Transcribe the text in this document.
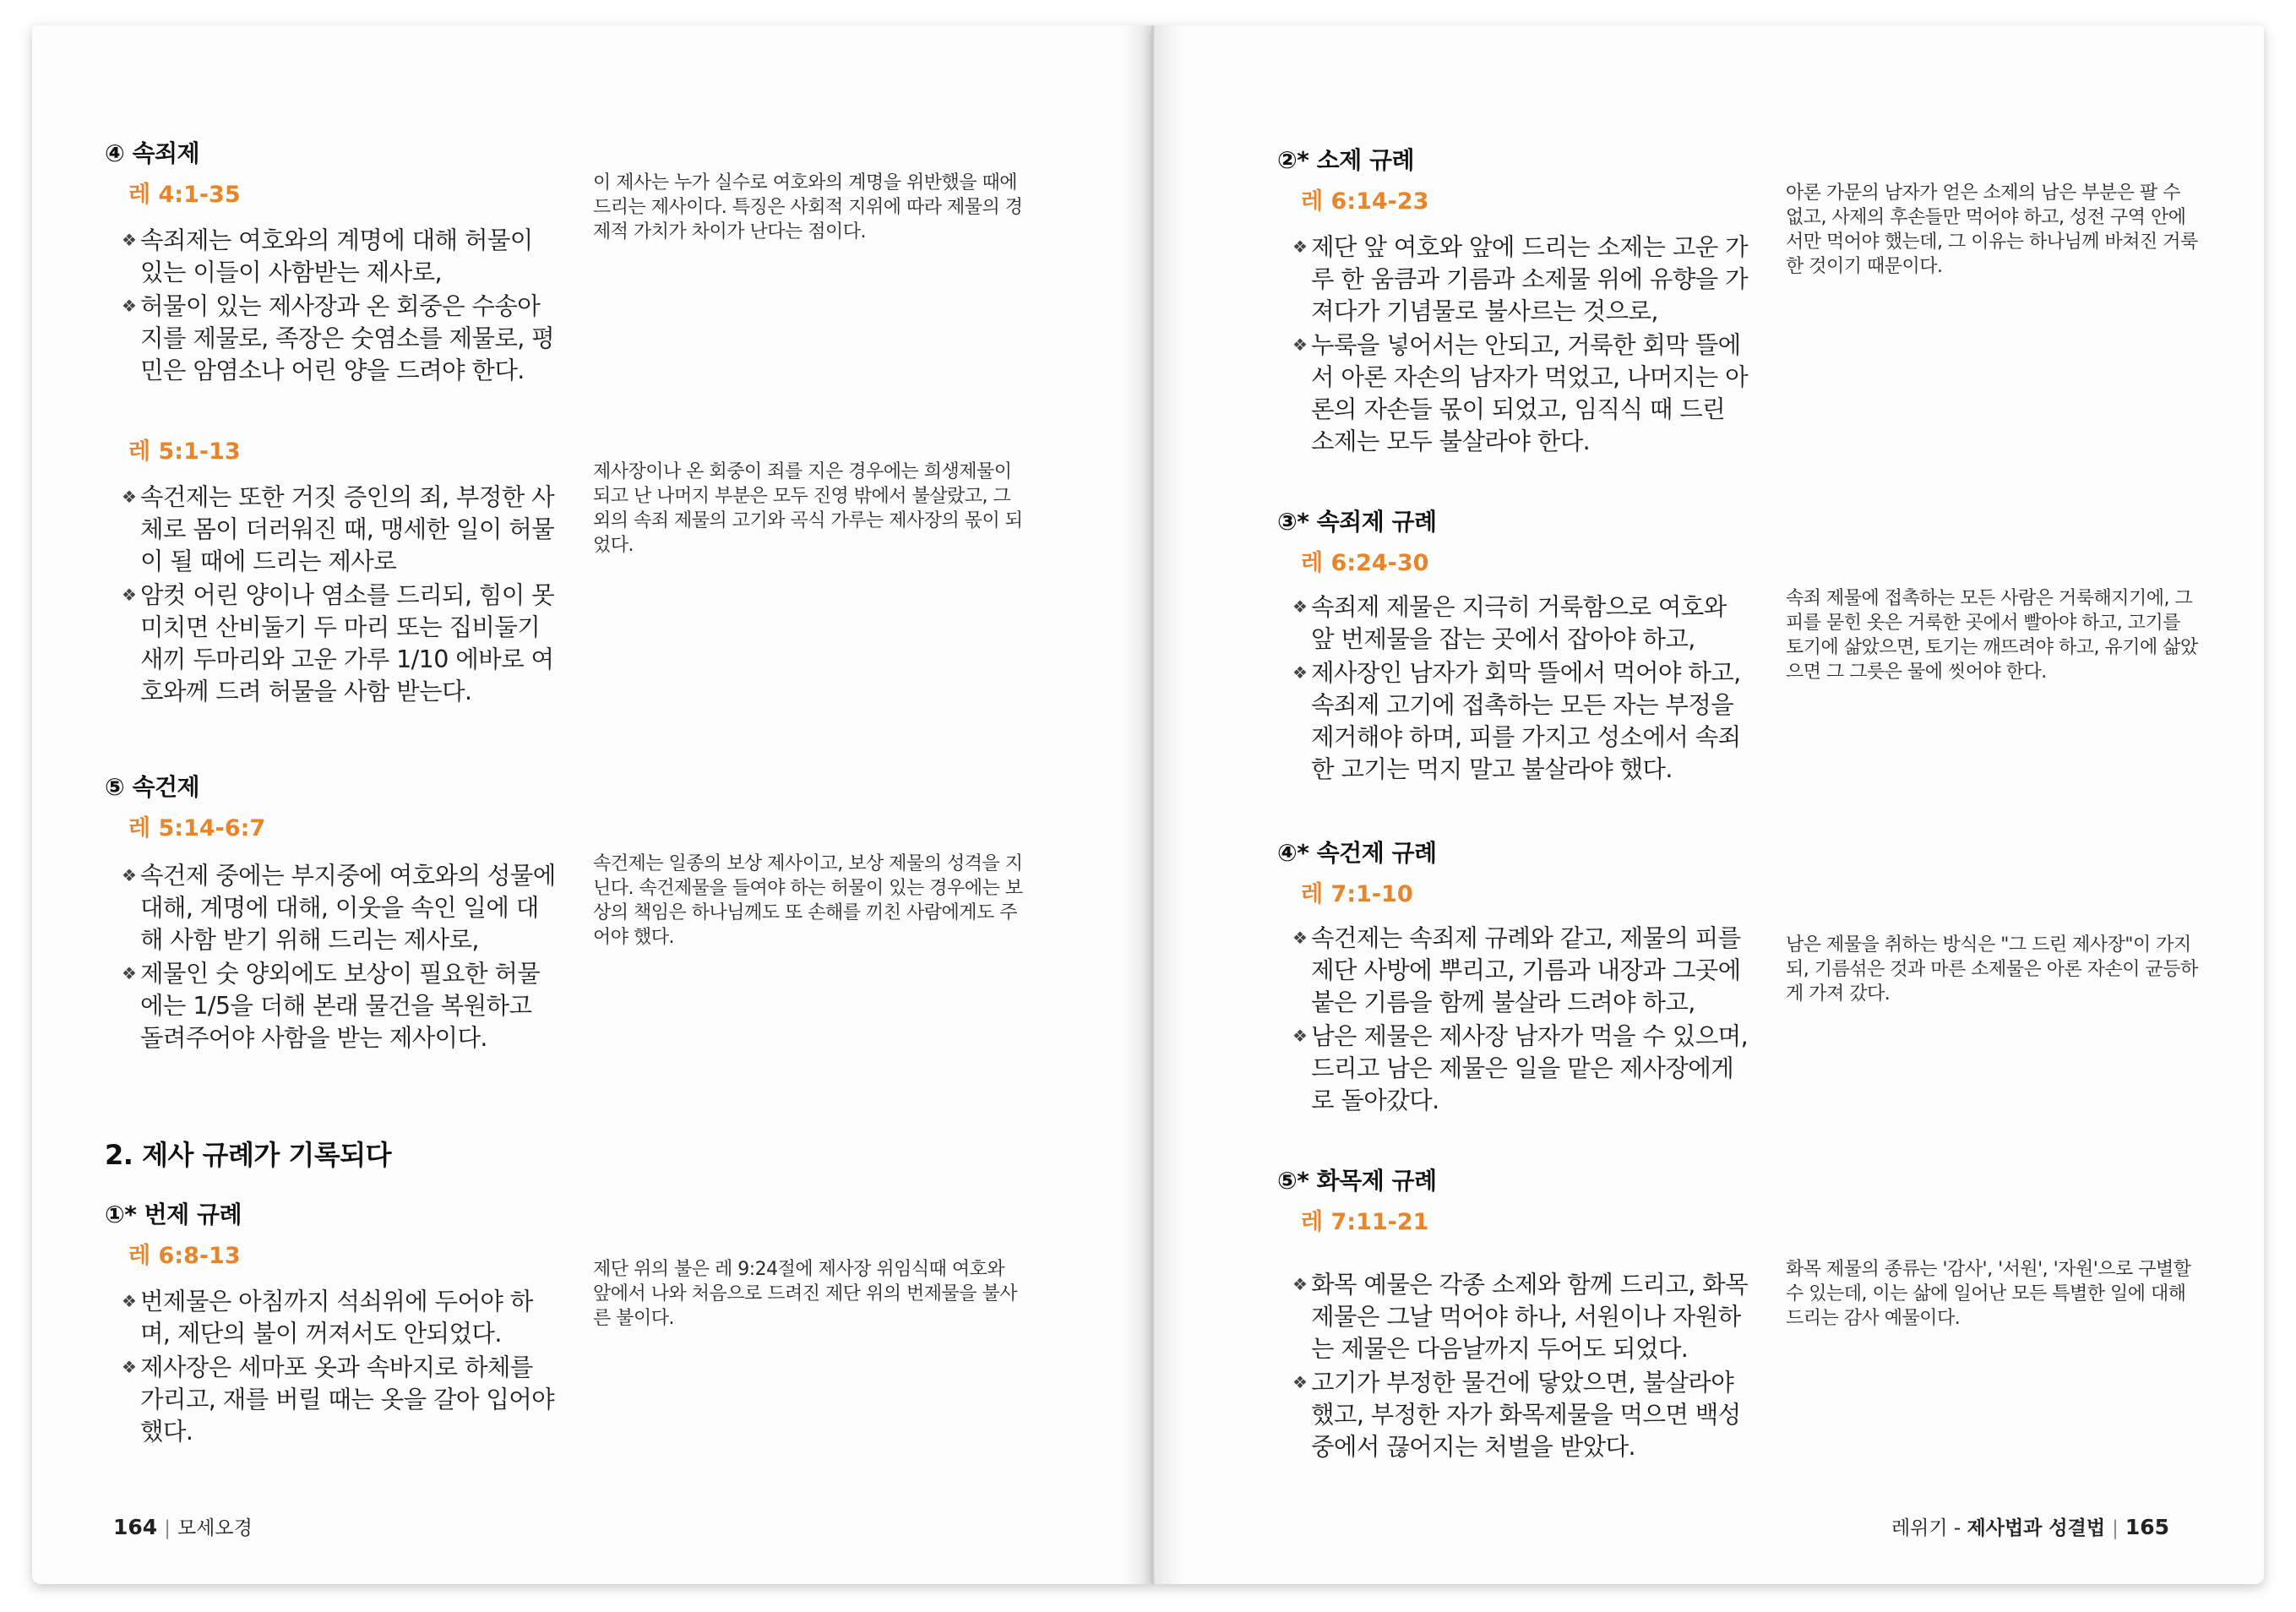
④ 속죄제
레 4:1-35
❖ 속죄제는 여호와의 계명에 대해 허물이 있는 이들이 사함받는 제사로,
❖ 허물이 있는 제사장과 온 회중은 수송아지를 제물로, 족장은 숫염소를 제물로, 평민은 암염소나 어린 양을 드려야 한다.
이 제사는 누가 실수로 여호와의 계명을 위반했을 때에 드리는 제사이다. 특징은 사회적 지위에 따라 제물의 경제적 가치가 차이가 난다는 점이다.
레 5:1-13
❖ 속건제는 또한 거짓 증인의 죄, 부정한 사체로 몸이 더러워진 때, 맹세한 일이 허물이 될 때에 드리는 제사로
❖ 암컷 어린 양이나 염소를 드리되, 힘이 못 미치면 산비둘기 두 마리 또는 집비둘기 새끼 두마리와 고운 가루 1/10 에바로 여호와께 드려 허물을 사함 받는다.
제사장이나 온 회중이 죄를 지은 경우에는 희생제물이 되고 난 나머지 부분은 모두 진영 밖에서 불살랐고, 그 외의 속죄 제물의 고기와 곡식 가루는 제사장의 몫이 되었다.
⑤ 속건제
레 5:14-6:7
❖ 속건제 중에는 부지중에 여호와의 성물에 대해, 계명에 대해, 이웃을 속인 일에 대해 사함 받기 위해 드리는 제사로,
❖ 제물인 숫 양외에도 보상이 필요한 허물에는 1/5을 더해 본래 물건을 복원하고 돌려주어야 사함을 받는 제사이다.
속건제는 일종의 보상 제사이고, 보상 제물의 성격을 지닌다. 속건제물을 들여야 하는 허물이 있는 경우에는 보상의 책임은 하나님께도 또 손해를 끼친 사람에게도 주어야 했다.
2. 제사 규례가 기록되다
①* 번제 규례
레 6:8-13
❖ 번제물은 아침까지 석쇠위에 두어야 하며, 제단의 불이 꺼져서도 안되었다.
❖ 제사장은 세마포 옷과 속바지로 하체를 가리고, 재를 버릴 때는 옷을 갈아 입어야 했다.
제단 위의 불은 레 9:24절에 제사장 위임식때 여호와 앞에서 나와 처음으로 드려진 제단 위의 번제물을 불사른 불이다.
164 | 모세오경
②* 소제 규례
레 6:14-23
❖ 제단 앞 여호와 앞에 드리는 소제는 고운 가루 한 움큼과 기름과 소제물 위에 유향을 가져다가 기념물로 불사르는 것으로,
❖ 누룩을 넣어서는 안되고, 거룩한 회막 뜰에서 아론 자손의 남자가 먹었고, 나머지는 아론의 자손들 몫이 되었고, 임직식 때 드린 소제는 모두 불살라야 한다.
아론 가문의 남자가 얻은 소제의 남은 부분은 팔 수 없고, 사제의 후손들만 먹어야 하고, 성전 구역 안에서만 먹어야 했는데, 그 이유는 하나님께 바쳐진 거룩한 것이기 때문이다.
③* 속죄제 규례
레 6:24-30
❖ 속죄제 제물은 지극히 거룩함으로 여호와 앞 번제물을 잡는 곳에서 잡아야 하고,
❖ 제사장인 남자가 회막 뜰에서 먹어야 하고, 속죄제 고기에 접촉하는 모든 자는 부정을 제거해야 하며, 피를 가지고 성소에서 속죄한 고기는 먹지 말고 불살라야 했다.
속죄 제물에 접촉하는 모든 사람은 거룩해지기에, 그 피를 묻힌 옷은 거룩한 곳에서 빨아야 하고, 고기를 토기에 삶았으면, 토기는 깨뜨려야 하고, 유기에 삶았으면 그 그릇은 물에 씻어야 한다.
④* 속건제 규례
레 7:1-10
❖ 속건제는 속죄제 규례와 같고, 제물의 피를 제단 사방에 뿌리고, 기름과 내장과 그곳에 붙은 기름을 함께 불살라 드려야 하고,
❖ 남은 제물은 제사장 남자가 먹을 수 있으며, 드리고 남은 제물은 일을 맡은 제사장에게로 돌아갔다.
남은 제물을 취하는 방식은 "그 드린 제사장"이 가지되, 기름섞은 것과 마른 소제물은 아론 자손이 균등하게 가져 갔다.
⑤* 화목제 규례
레 7:11-21
❖ 화목 예물은 각종 소제와 함께 드리고, 화목제물은 그날 먹어야 하나, 서원이나 자원하는 제물은 다음날까지 두어도 되었다.
❖ 고기가 부정한 물건에 닿았으면, 불살라야 했고, 부정한 자가 화목제물을 먹으면 백성 중에서 끊어지는 처벌을 받았다.
화목 제물의 종류는 '감사', '서원', '자원'으로 구별할 수 있는데, 이는 삶에 일어난 모든 특별한 일에 대해 드리는 감사 예물이다.
레위기 - 제사법과 성결법 | 165
